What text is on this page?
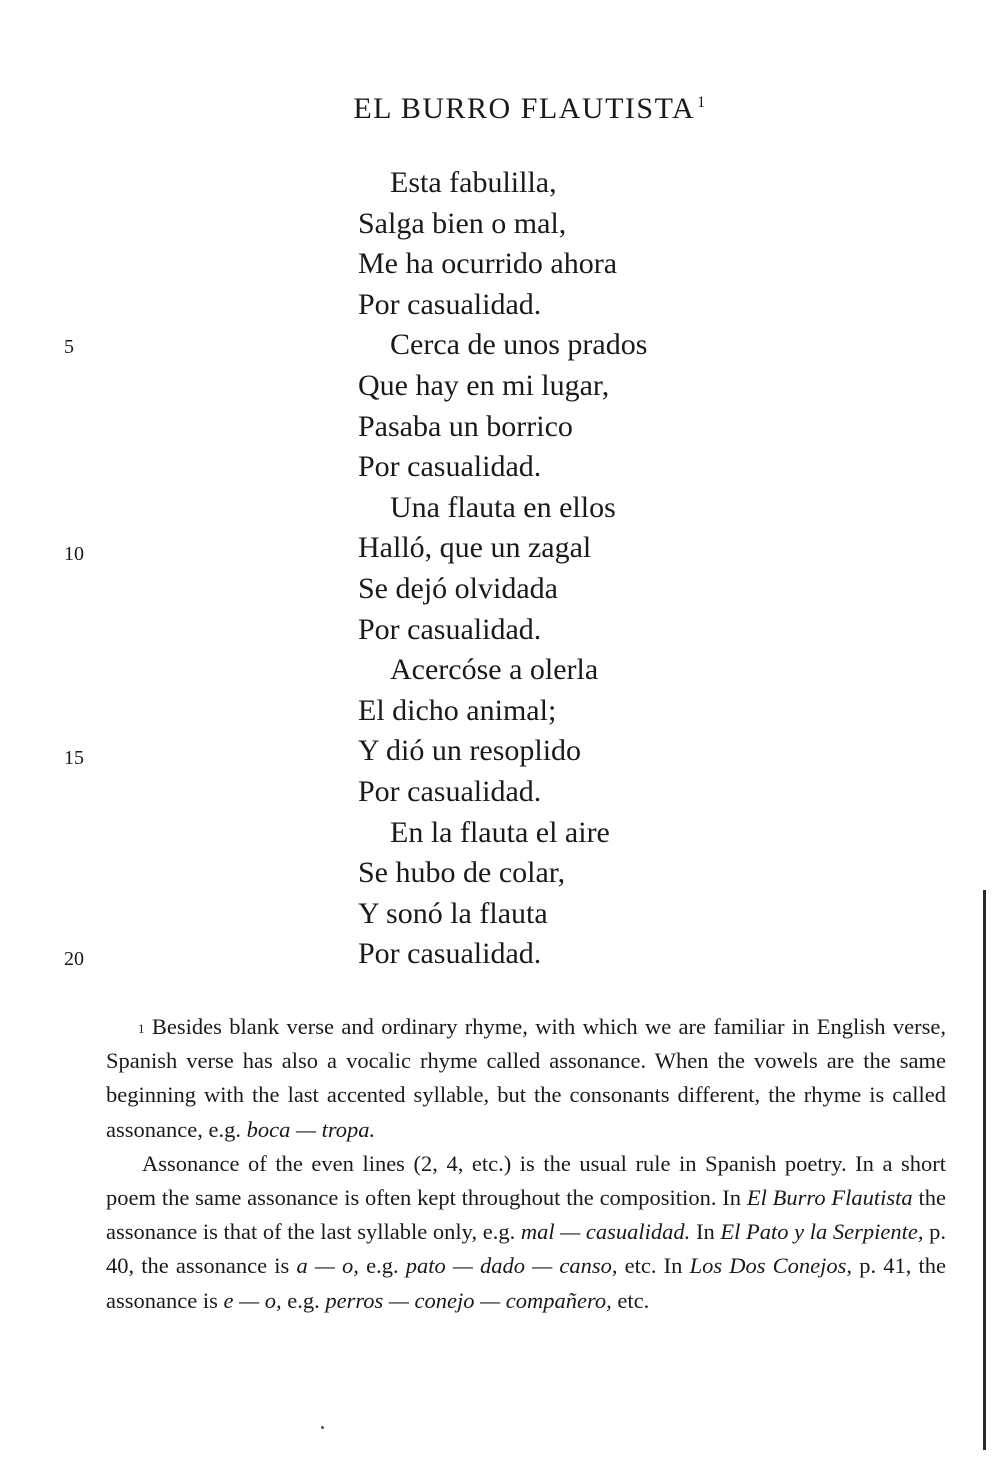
EL BURRO FLAUTISTA $^1$
Esta fabulilla,
Salga bien o mal,
Me ha ocurrido ahora
Por casualidad.
Cerca de unos prados
Que hay en mi lugar,
Pasaba un borrico
Por casualidad.
Una flauta en ellos
Halló, que un zagal
Se dejó olvidada
Por casualidad.
Acercóse a olerla
El dicho animal;
Y dió un resoplido
Por casualidad.
En la flauta el aire
Se hubo de colar,
Y sonó la flauta
Por casualidad.
5
10
15
20

$^1$ Besides blank verse and ordinary rhyme, with which we are familiar in English verse, Spanish verse has also a vocalic rhyme called assonance. When the vowels are the same beginning with the last accented syllable, but the consonants different, the rhyme is called assonance, e.g. boca — tropa.

Assonance of the even lines (2, 4, etc.) is the usual rule in Spanish poetry. In a short poem the same assonance is often kept throughout the composition. In El Burro Flautista the assonance is that of the last syllable only, e.g. mal — casualidad. In El Pato y la Serpiente, p. 40, the assonance is a — o, e.g. pato — dado — canso, etc. In Los Dos Conejos, p. 41, the assonance is e — o, e.g. perros — conejo — compañero, etc.
